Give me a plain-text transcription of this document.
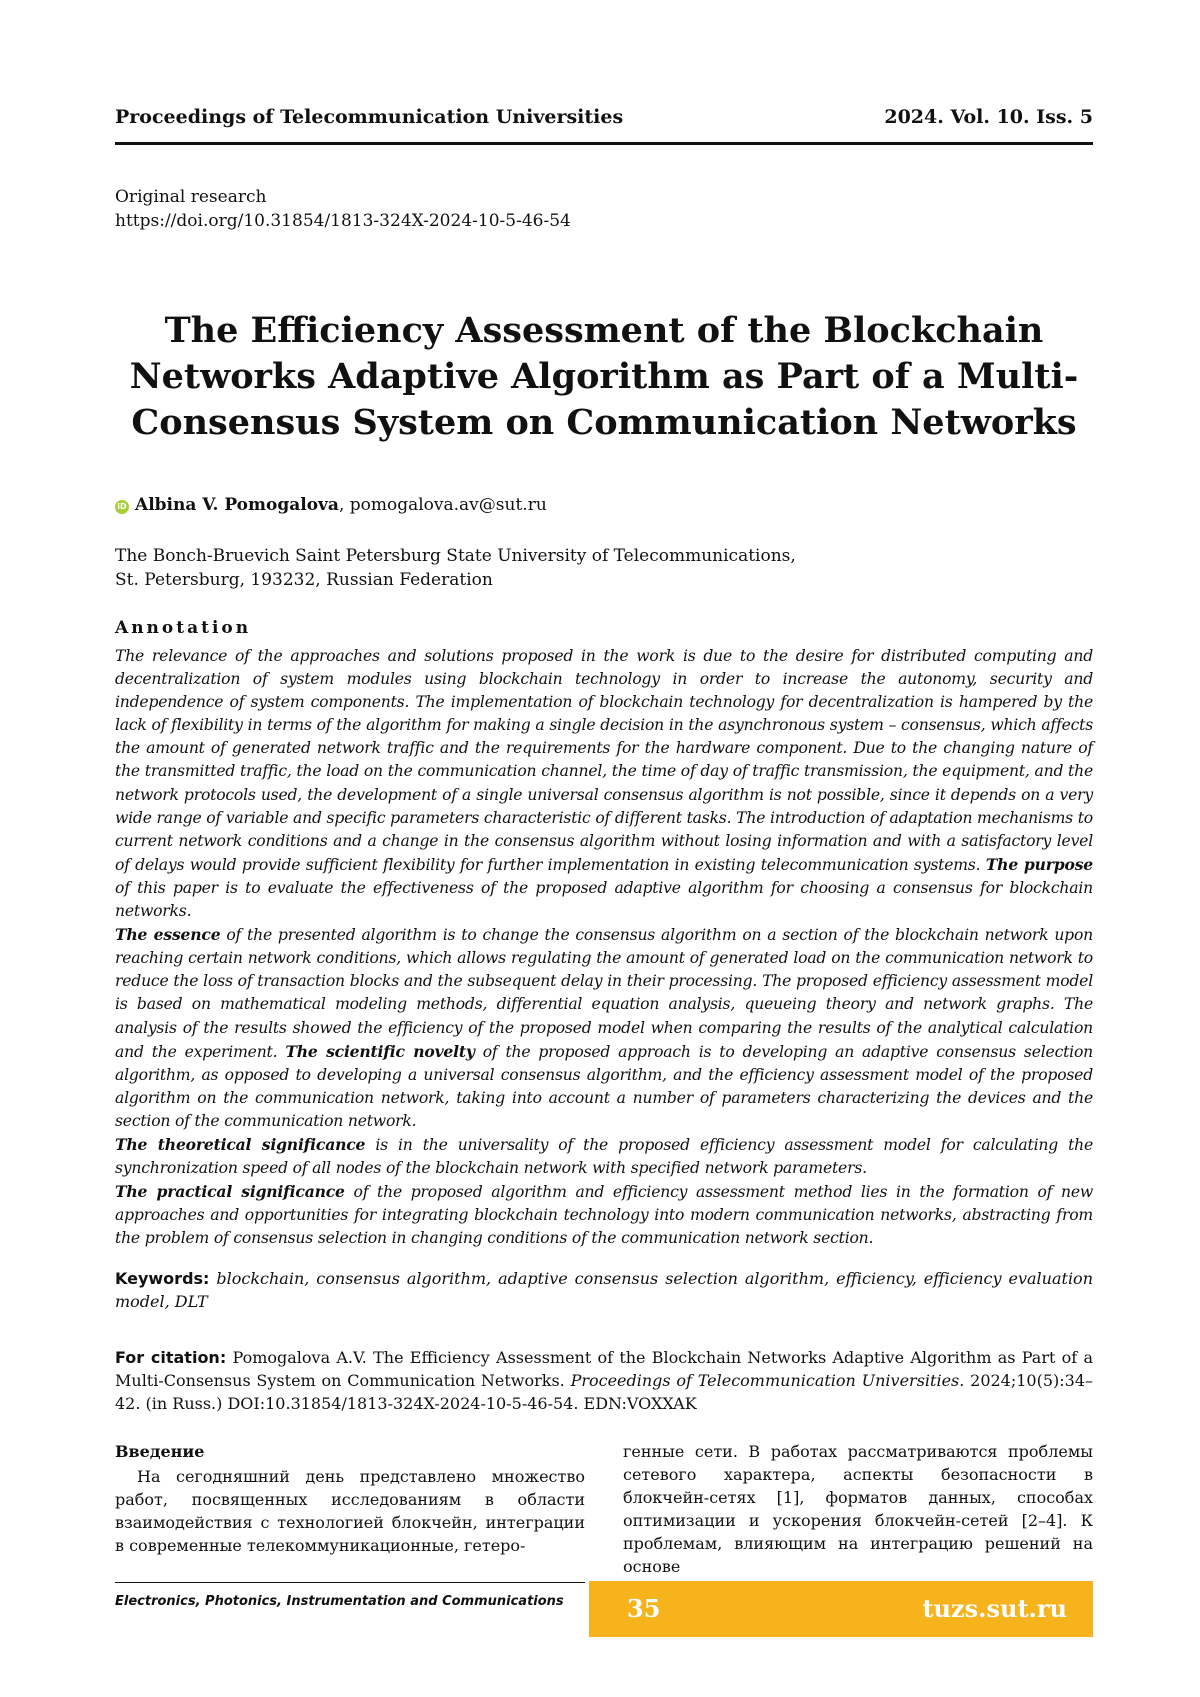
Proceedings of Telecommunication Universities	2024. Vol. 10. Iss. 5
Original research
https://doi.org/10.31854/1813-324X-2024-10-5-46-54
The Efficiency Assessment of the Blockchain
Networks Adaptive Algorithm as Part of a Multi-
Consensus System on Communication Networks
iD Albina V. Pomogalova, pomogalova.av@sut.ru
The Bonch-Bruevich Saint Petersburg State University of Telecommunications,
St. Petersburg, 193232, Russian Federation
Annotation

The relevance of the approaches and solutions proposed in the work is due to the desire for distributed computing and decentralization of system modules using blockchain technology in order to increase the autonomy, security and independence of system components. The implementation of blockchain technology for decentralization is hampered by the lack of flexibility in terms of the algorithm for making a single decision in the asynchronous system – consensus, which affects the amount of generated network traffic and the requirements for the hardware component. Due to the changing nature of the transmitted traffic, the load on the communication channel, the time of day of traffic transmission, the equipment, and the network protocols used, the development of a single universal consensus algorithm is not possible, since it depends on a very wide range of variable and specific parameters characteristic of different tasks. The introduction of adaptation mechanisms to current network conditions and a change in the consensus algorithm without losing information and with a satisfactory level of delays would provide sufficient flexibility for further implementation in existing telecommunication systems. The purpose of this paper is to evaluate the effectiveness of the proposed adaptive algorithm for choosing a consensus for blockchain networks.

The essence of the presented algorithm is to change the consensus algorithm on a section of the blockchain network upon reaching certain network conditions, which allows regulating the amount of generated load on the communication network to reduce the loss of transaction blocks and the subsequent delay in their processing. The proposed efficiency assessment model is based on mathematical modeling methods, differential equation analysis, queueing theory and network graphs. The analysis of the results showed the efficiency of the proposed model when comparing the results of the analytical calculation and the experiment. The scientific novelty of the proposed approach is to developing an adaptive consensus selection algorithm, as opposed to developing a universal consensus algorithm, and the efficiency assessment model of the proposed algorithm on the communication network, taking into account a number of parameters characterizing the devices and the section of the communication network.

The theoretical significance is in the universality of the proposed efficiency assessment model for calculating the synchronization speed of all nodes of the blockchain network with specified network parameters.

The practical significance of the proposed algorithm and efficiency assessment method lies in the formation of new approaches and opportunities for integrating blockchain technology into modern communication networks, abstracting from the problem of consensus selection in changing conditions of the communication network section.

Keywords: blockchain, consensus algorithm, adaptive consensus selection algorithm, efficiency, efficiency evaluation model, DLT
For citation: Pomogalova A.V. The Efficiency Assessment of the Blockchain Networks Adaptive Algorithm as Part of a Multi-Consensus System on Communication Networks. Proceedings of Telecommunication Universities. 2024;10(5):34–42. (in Russ.) DOI:10.31854/1813-324X-2024-10-5-46-54. EDN:VOXXAK
Введение

На сегодняшний день представлено множество работ, посвященных исследованиям в области взаимодействия с технологией блокчейн, интеграции в современные телекоммуникационные, гетеро-

генные сети. В работах рассматриваются проблемы сетевого характера, аспекты безопасности в блокчейн-сетях [1], форматов данных, способах оптимизации и ускорения блокчейн-сетей [2–4]. К проблемам, влияющим на интеграцию решений на основе

Electronics, Photonics, Instrumentation and Communications	35	tuzs.sut.ru
